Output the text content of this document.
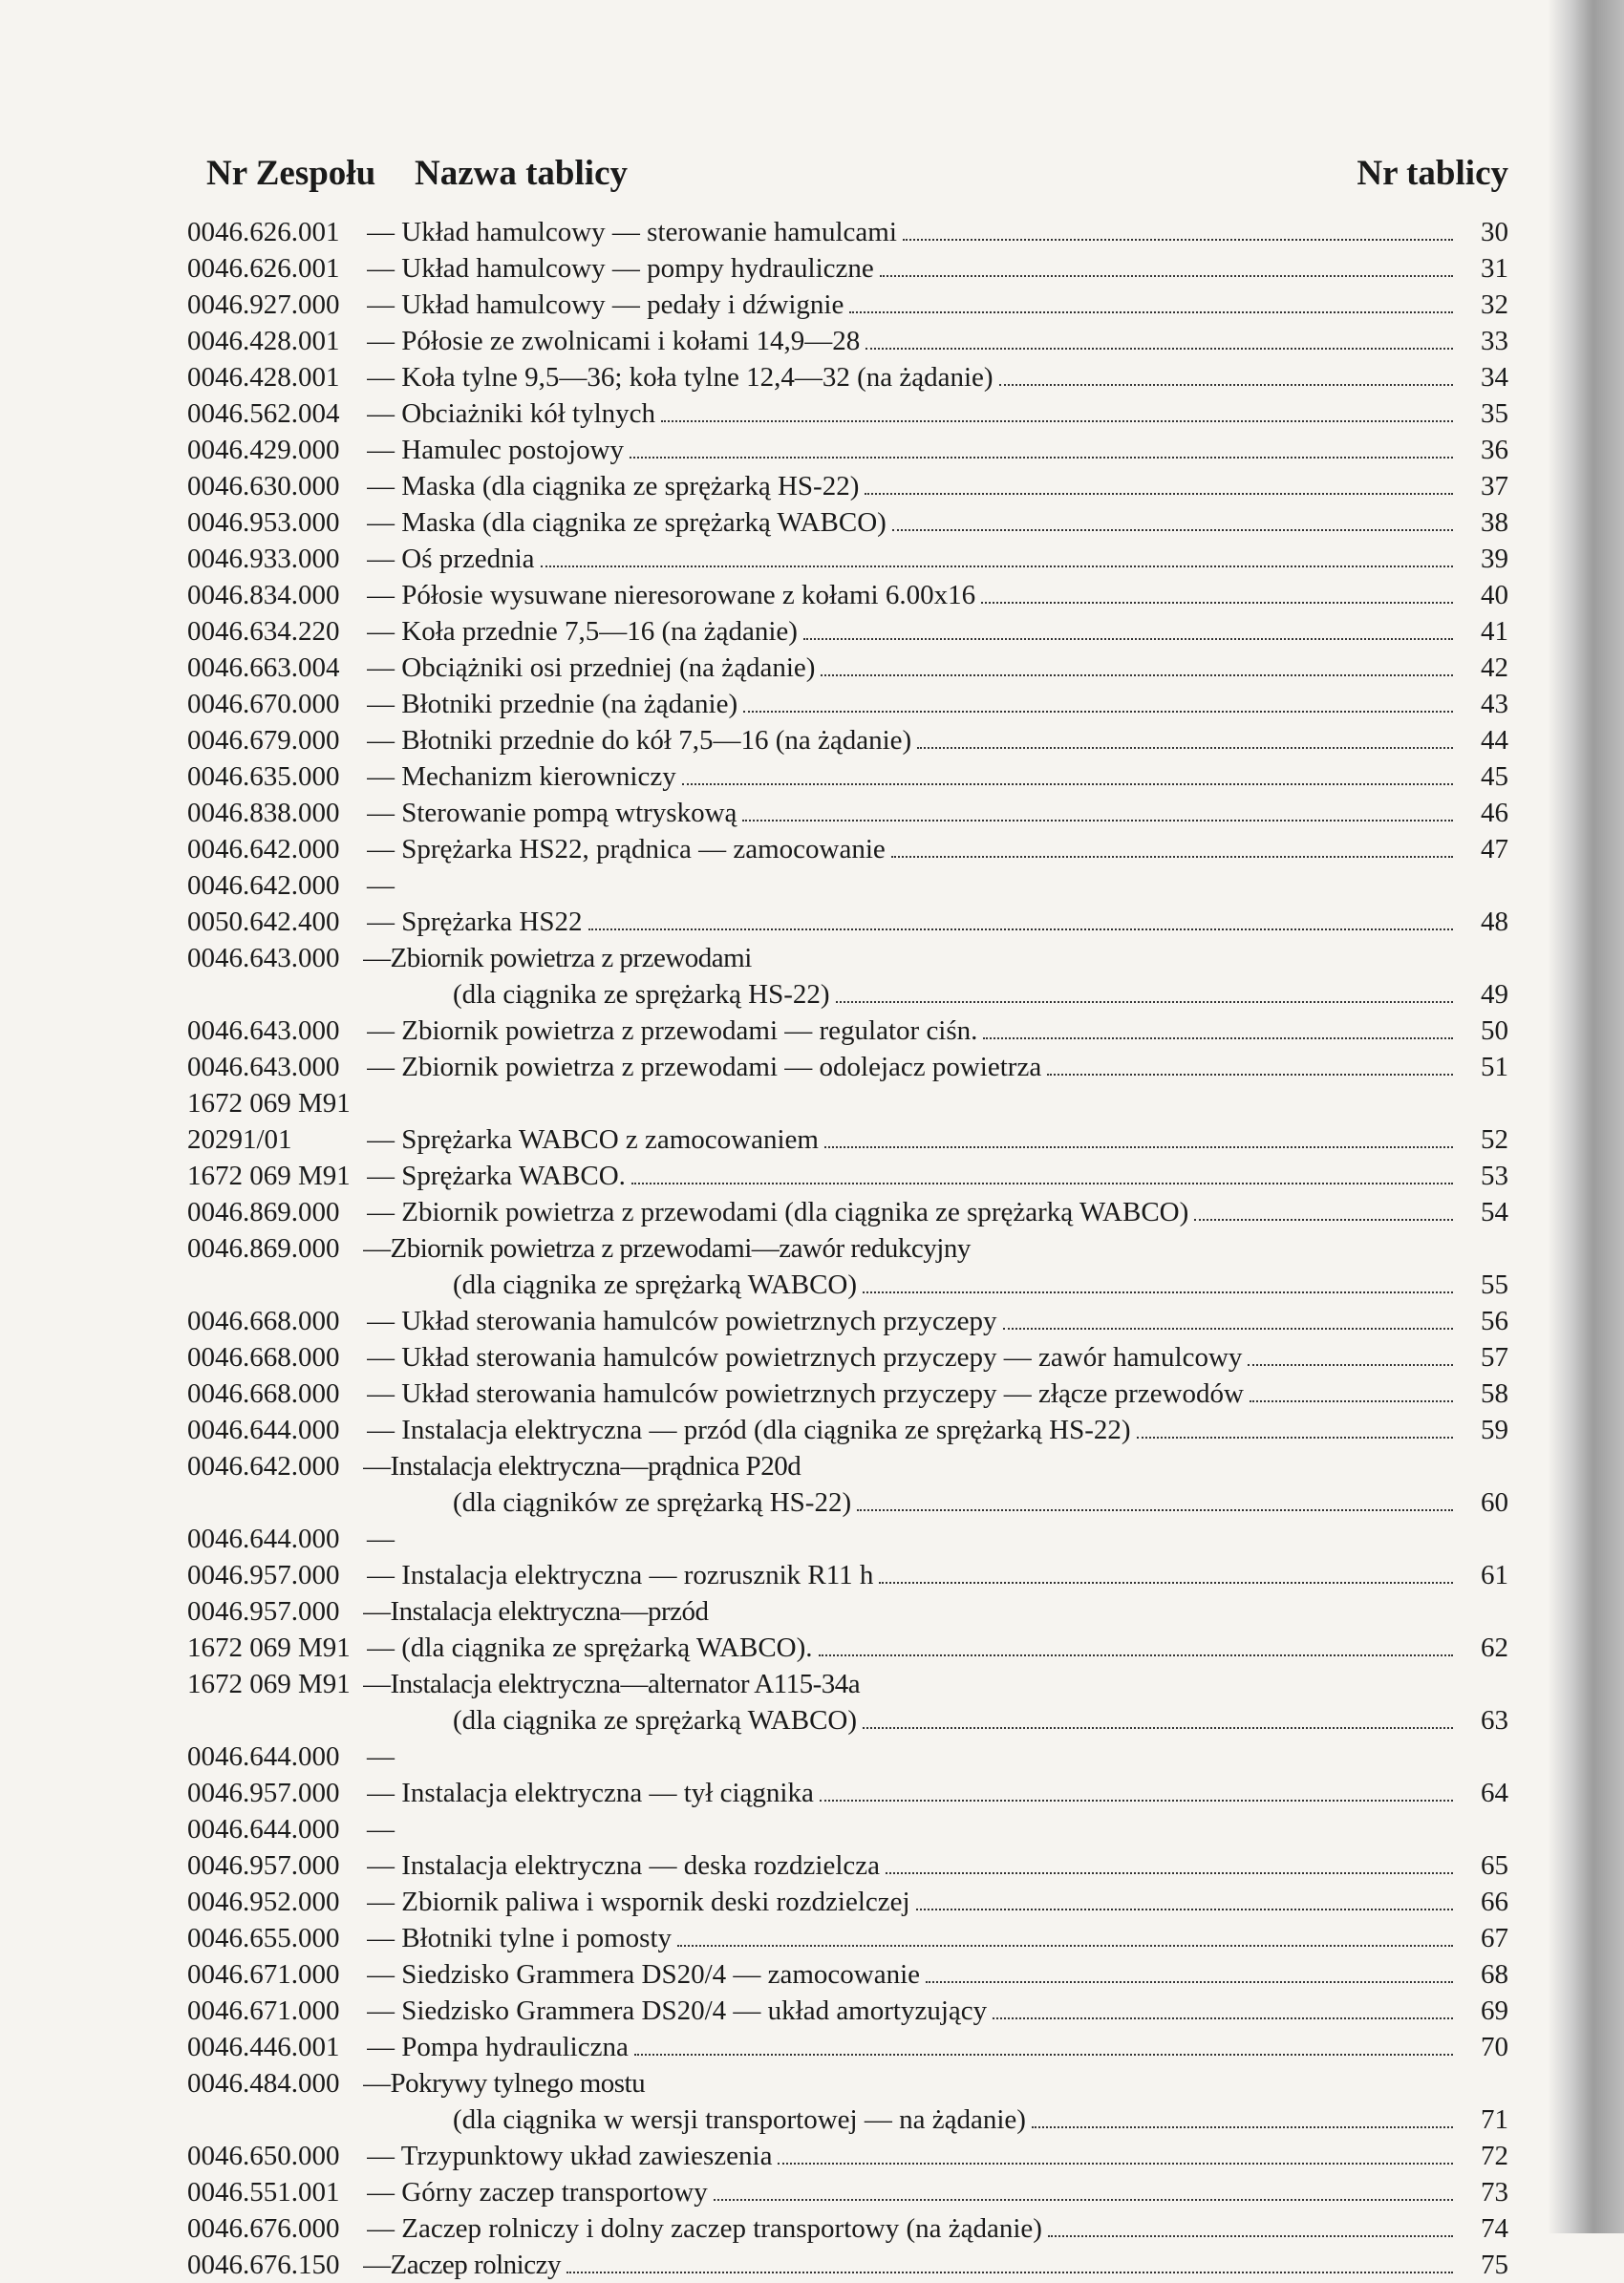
Nr Zespołu Nazwa tablicy	Nr tablicy
0046.626.001 — Układ hamulcowy — sterowanie hamulcami	30
0046.626.001 — Układ hamulcowy — pompy hydrauliczne	31
0046.927.000 — Układ hamulcowy — pedały i dźwignie	32
0046.428.001 — Półosie ze zwolnicami i kołami 14,9—28	33
0046.428.001 — Koła tylne 9,5—36; koła tylne 12,4—32 (na żądanie)	34
0046.562.004 — Obciażniki kół tylnych	35
0046.429.000 — Hamulec postojowy	36
0046.630.000 — Maska (dla ciągnika ze sprężarką HS-22)	37
0046.953.000 — Maska (dla ciągnika ze sprężarką WABCO)	38
0046.933.000 — Oś przednia	39
0046.834.000 — Półosie wysuwane nieresorowane z kołami 6.00x16	40
0046.634.220 — Koła przednie 7,5—16 (na żądanie)	41
0046.663.004 — Obciążniki osi przedniej (na żądanie)	42
0046.670.000 — Błotniki przednie (na żądanie)	43
0046.679.000 — Błotniki przednie do kół 7,5—16 (na żądanie)	44
0046.635.000 — Mechanizm kierowniczy	45
0046.838.000 — Sterowanie pompą wtryskową	46
0046.642.000 — Sprężarka HS22, prądnica — zamocowanie	47
0046.642.000 —
0050.642.400 — Sprężarka HS22	48
0046.643.000 —Zbiornik powietrza z przewodami
(dla ciągnika ze sprężarką HS-22)	49
0046.643.000 — Zbiornik powietrza z przewodami — regulator ciśn.	50
0046.643.000 — Zbiornik powietrza z przewodami — odolejacz powietrza	51
1672 069 M91
20291/01	— Sprężarka WABCO z zamocowaniem	52
1672 069 M91 — Sprężarka WABCO.	53
0046.869.000 — Zbiornik powietrza z przewodami (dla ciągnika ze sprężarką WABCO)	54
0046.869.000 —Zbiornik powietrza z przewodami—zawór redukcyjny
(dla ciągnika ze sprężarką WABCO)	55
0046.668.000 — Układ sterowania hamulców powietrznych przyczepy	56
0046.668.000 — Układ sterowania hamulców powietrznych przyczepy — zawór hamulcowy	57
0046.668.000 — Układ sterowania hamulców powietrznych przyczepy — złącze przewodów	58
0046.644.000 — Instalacja elektryczna — przód (dla ciągnika ze sprężarką HS-22)	59
0046.642.000 —Instalacja elektryczna—prądnica P20d
(dla ciągników ze sprężarką HS-22)	60
0046.644.000 —
0046.957.000 — Instalacja elektryczna — rozrusznik R11 h	61
0046.957.000 —Instalacja elektryczna—przód
1672 069 M91 — (dla ciągnika ze sprężarką WABCO).	62
1672 069 M91 —Instalacja elektryczna—alternator A115-34a
(dla ciągnika ze sprężarką WABCO)	63
0046.644.000 —
0046.957.000 — Instalacja elektryczna — tył ciągnika	64
0046.644.000 —
0046.957.000 — Instalacja elektryczna — deska rozdzielcza	65
0046.952.000 — Zbiornik paliwa i wspornik deski rozdzielczej	66
0046.655.000 — Błotniki tylne i pomosty	67
0046.671.000 — Siedzisko Grammera DS20/4 — zamocowanie	68
0046.671.000 — Siedzisko Grammera DS20/4 — układ amortyzujący	69
0046.446.001 — Pompa hydrauliczna	70
0046.484.000 —Pokrywy tylnego mostu
(dla ciągnika w wersji transportowej — na żądanie)	71
0046.650.000 — Trzypunktowy układ zawieszenia	72
0046.551.001 — Górny zaczep transportowy	73
0046.676.000 — Zaczep rolniczy i dolny zaczep transportowy (na żądanie)	74
0046.676.150 —Zaczep rolniczy	75
